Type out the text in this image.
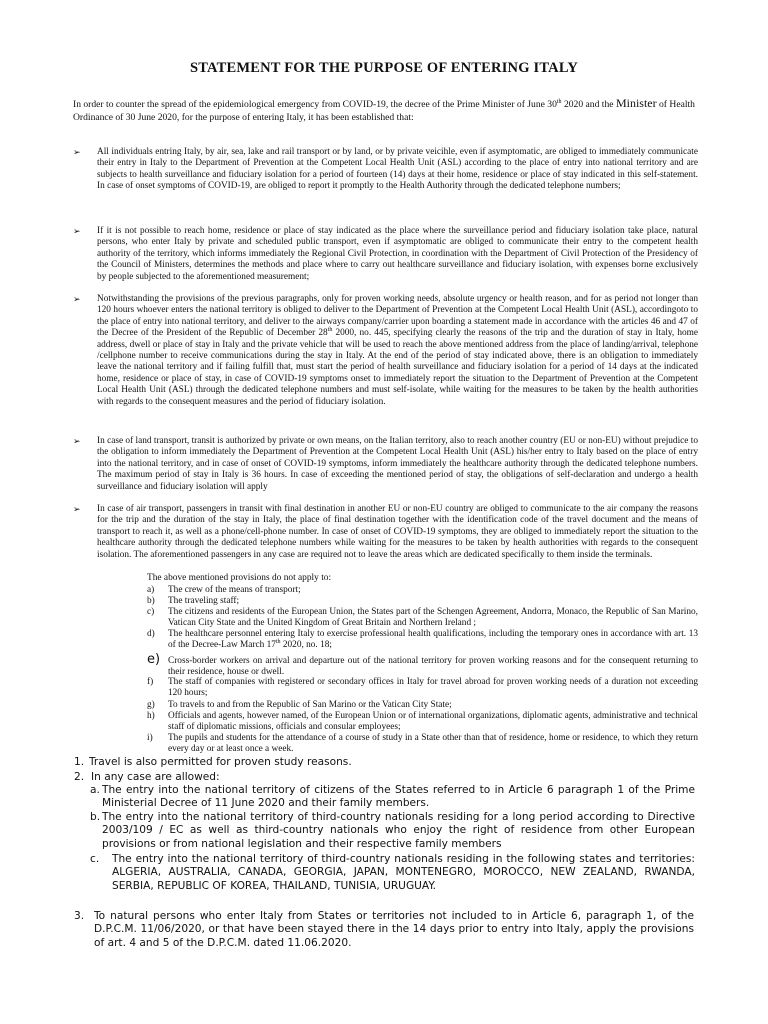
STATEMENT FOR THE PURPOSE OF ENTERING ITALY
In order to counter the spread of the epidemiological emergency from COVID-19, the decree of the Prime Minister of June 30th 2020 and the Minister of Health Ordinance of 30 June 2020, for the purpose of entering Italy, it has been established that:
➢ All individuals entring Italy, by air, sea, lake and rail transport or by land, or by private veicihle, even if asymptomatic, are obliged to immediately communicate their entry in Italy to the Department of Prevention at the Competent Local Health Unit (ASL) according to the place of entry into national territory and are subjects to health surveillance and fiduciary isolation for a period of fourteen (14) days at their home, residence or place of stay indicated in this self-statement. In case of onset symptoms of COVID-19, are obliged to report it promptly to the Health Authority through the dedicated telephone numbers;
➢ If it is not possible to reach home, residence or place of stay indicated as the place where the surveillance period and fiduciary isolation take place, natural persons, who enter Italy by private and scheduled public transport, even if asymptomatic are obliged to communicate their entry to the competent health authority of the territory, which informs immediately the Regional Civil Protection, in coordination with the Department of Civil Protection of the Presidency of the Council of Ministers, determines the methods and place where to carry out healthcare surveillance and fiduciary isolation, with expenses borne exclusively by people subjected to the aforementioned measurement;
➢ Notwithstanding the provisions of the previous paragraphs, only for proven working needs, absolute urgency or health reason, and for as period not longer than 120 hours whoever enters the national territory is obliged to deliver to the Department of Prevention at the Competent Local Health Unit (ASL), accordingoto to the place of entry into national territory, and deliver to the airways company/carrier upon boarding a statement made in accordance with the articles 46 and 47 of the Decree of the President of the Republic of December 28th 2000, no. 445, specifying clearly the reasons of the trip and the duration of stay in Italy, home address, dwell or place of stay in Italy and the private vehicle that will be used to reach the above mentioned address from the place of landing/arrival, telephone /cellphone number to receive communications during the stay in Italy. At the end of the period of stay indicated above, there is an obligation to immediately leave the national territory and if failing fulfill that, must start the period of health surveillance and fiduciary isolation for a period of 14 days at the indicated home, residence or place of stay, in case of COVID-19 symptoms onset to immediately report the situation to the Department of Prevention at the Competent Local Health Unit (ASL) through the dedicated telephone numbers and must self-isolate, while waiting for the measures to be taken by the health authorities with regards to the consequent measures and the period of fiduciary isolation.
➢ In case of land transport, transit is authorized by private or own means, on the Italian territory, also to reach another country (EU or non-EU) without prejudice to the obligation to inform immediately the Department of Prevention at the Competent Local Health Unit (ASL) his/her entry to Italy based on the place of entry into the national territory, and in case of onset of COVID-19 symptoms, inform immediately the healthcare authority through the dedicated telephone numbers. The maximum period of stay in Italy is 36 hours. In case of exceeding the mentioned period of stay, the obligations of self-declaration and undergo a health surveillance and fiduciary isolation will apply
➢ In case of air transport, passengers in transit with final destination in another EU or non-EU country are obliged to communicate to the air company the reasons for the trip and the duration of the stay in Italy, the place of final destination together with the identification code of the travel document and the means of transport to reach it, as well as a phone/cell-phone number. In case of onset of COVID-19 symptoms, they are obliged to immediately report the situation to the healthcare authority through the dedicated telephone numbers while waiting for the measures to be taken by health authorities with regards to the consequent isolation. The aforementioned passengers in any case are required not to leave the areas which are dedicated specifically to them inside the terminals.
The above mentioned provisions do not apply to:
a)	The crew of the means of transport;
b)	The traveling staff;
c)	The citizens and residents of the European Union, the States part of the Schengen Agreement, Andorra, Monaco, the Republic of San Marino, Vatican City State and the United Kingdom of Great Britain and Northern Ireland ;
d)	The healthcare personnel entering Italy to exercise professional health qualifications, including the temporary ones in accordance with art. 13 of the Decree-Law March 17th 2020, no. 18;
e) Cross-border workers on arrival and departure out of the national territory for proven working reasons and for the consequent returning to their residence, house or dwell.
f)	The staff of companies with registered or secondary offices in Italy for travel abroad for proven working needs of a duration not exceeding 120 hours;
g)	To travels to and from the Republic of San Marino or the Vatican City State;
h)	Officials and agents, however named, of the European Union or of international organizations, diplomatic agents, administrative and technical staff of diplomatic missions, officials and consular employees;
i)	The pupils and students for the attendance of a course of study in a State other than that of residence, home or residence, to which they return every day or at least once a week.
1. Travel is also permitted for proven study reasons.
2. In any case are allowed:
a. The entry into the national territory of citizens of the States referred to in Article 6 paragraph 1 of the Prime Ministerial Decree of 11 June 2020 and their family members.
b. The entry into the national territory of third-country nationals residing for a long period according to Directive 2003/109 / EC as well as third-country nationals who enjoy the right of residence from other European provisions or from national legislation and their respective family members
c. The entry into the national territory of third-country nationals residing in the following states and territories: ALGERIA, AUSTRALIA, CANADA, GEORGIA, JAPAN, MONTENEGRO, MOROCCO, NEW ZEALAND, RWANDA, SERBIA, REPUBLIC OF KOREA, THAILAND, TUNISIA, URUGUAY.
3. To natural persons who enter Italy from States or territories not included to in Article 6, paragraph 1, of the D.P.C.M. 11/06/2020, or that have been stayed there in the 14 days prior to entry into Italy, apply the provisions of art. 4 and 5 of the D.P.C.M. dated 11.06.2020.
